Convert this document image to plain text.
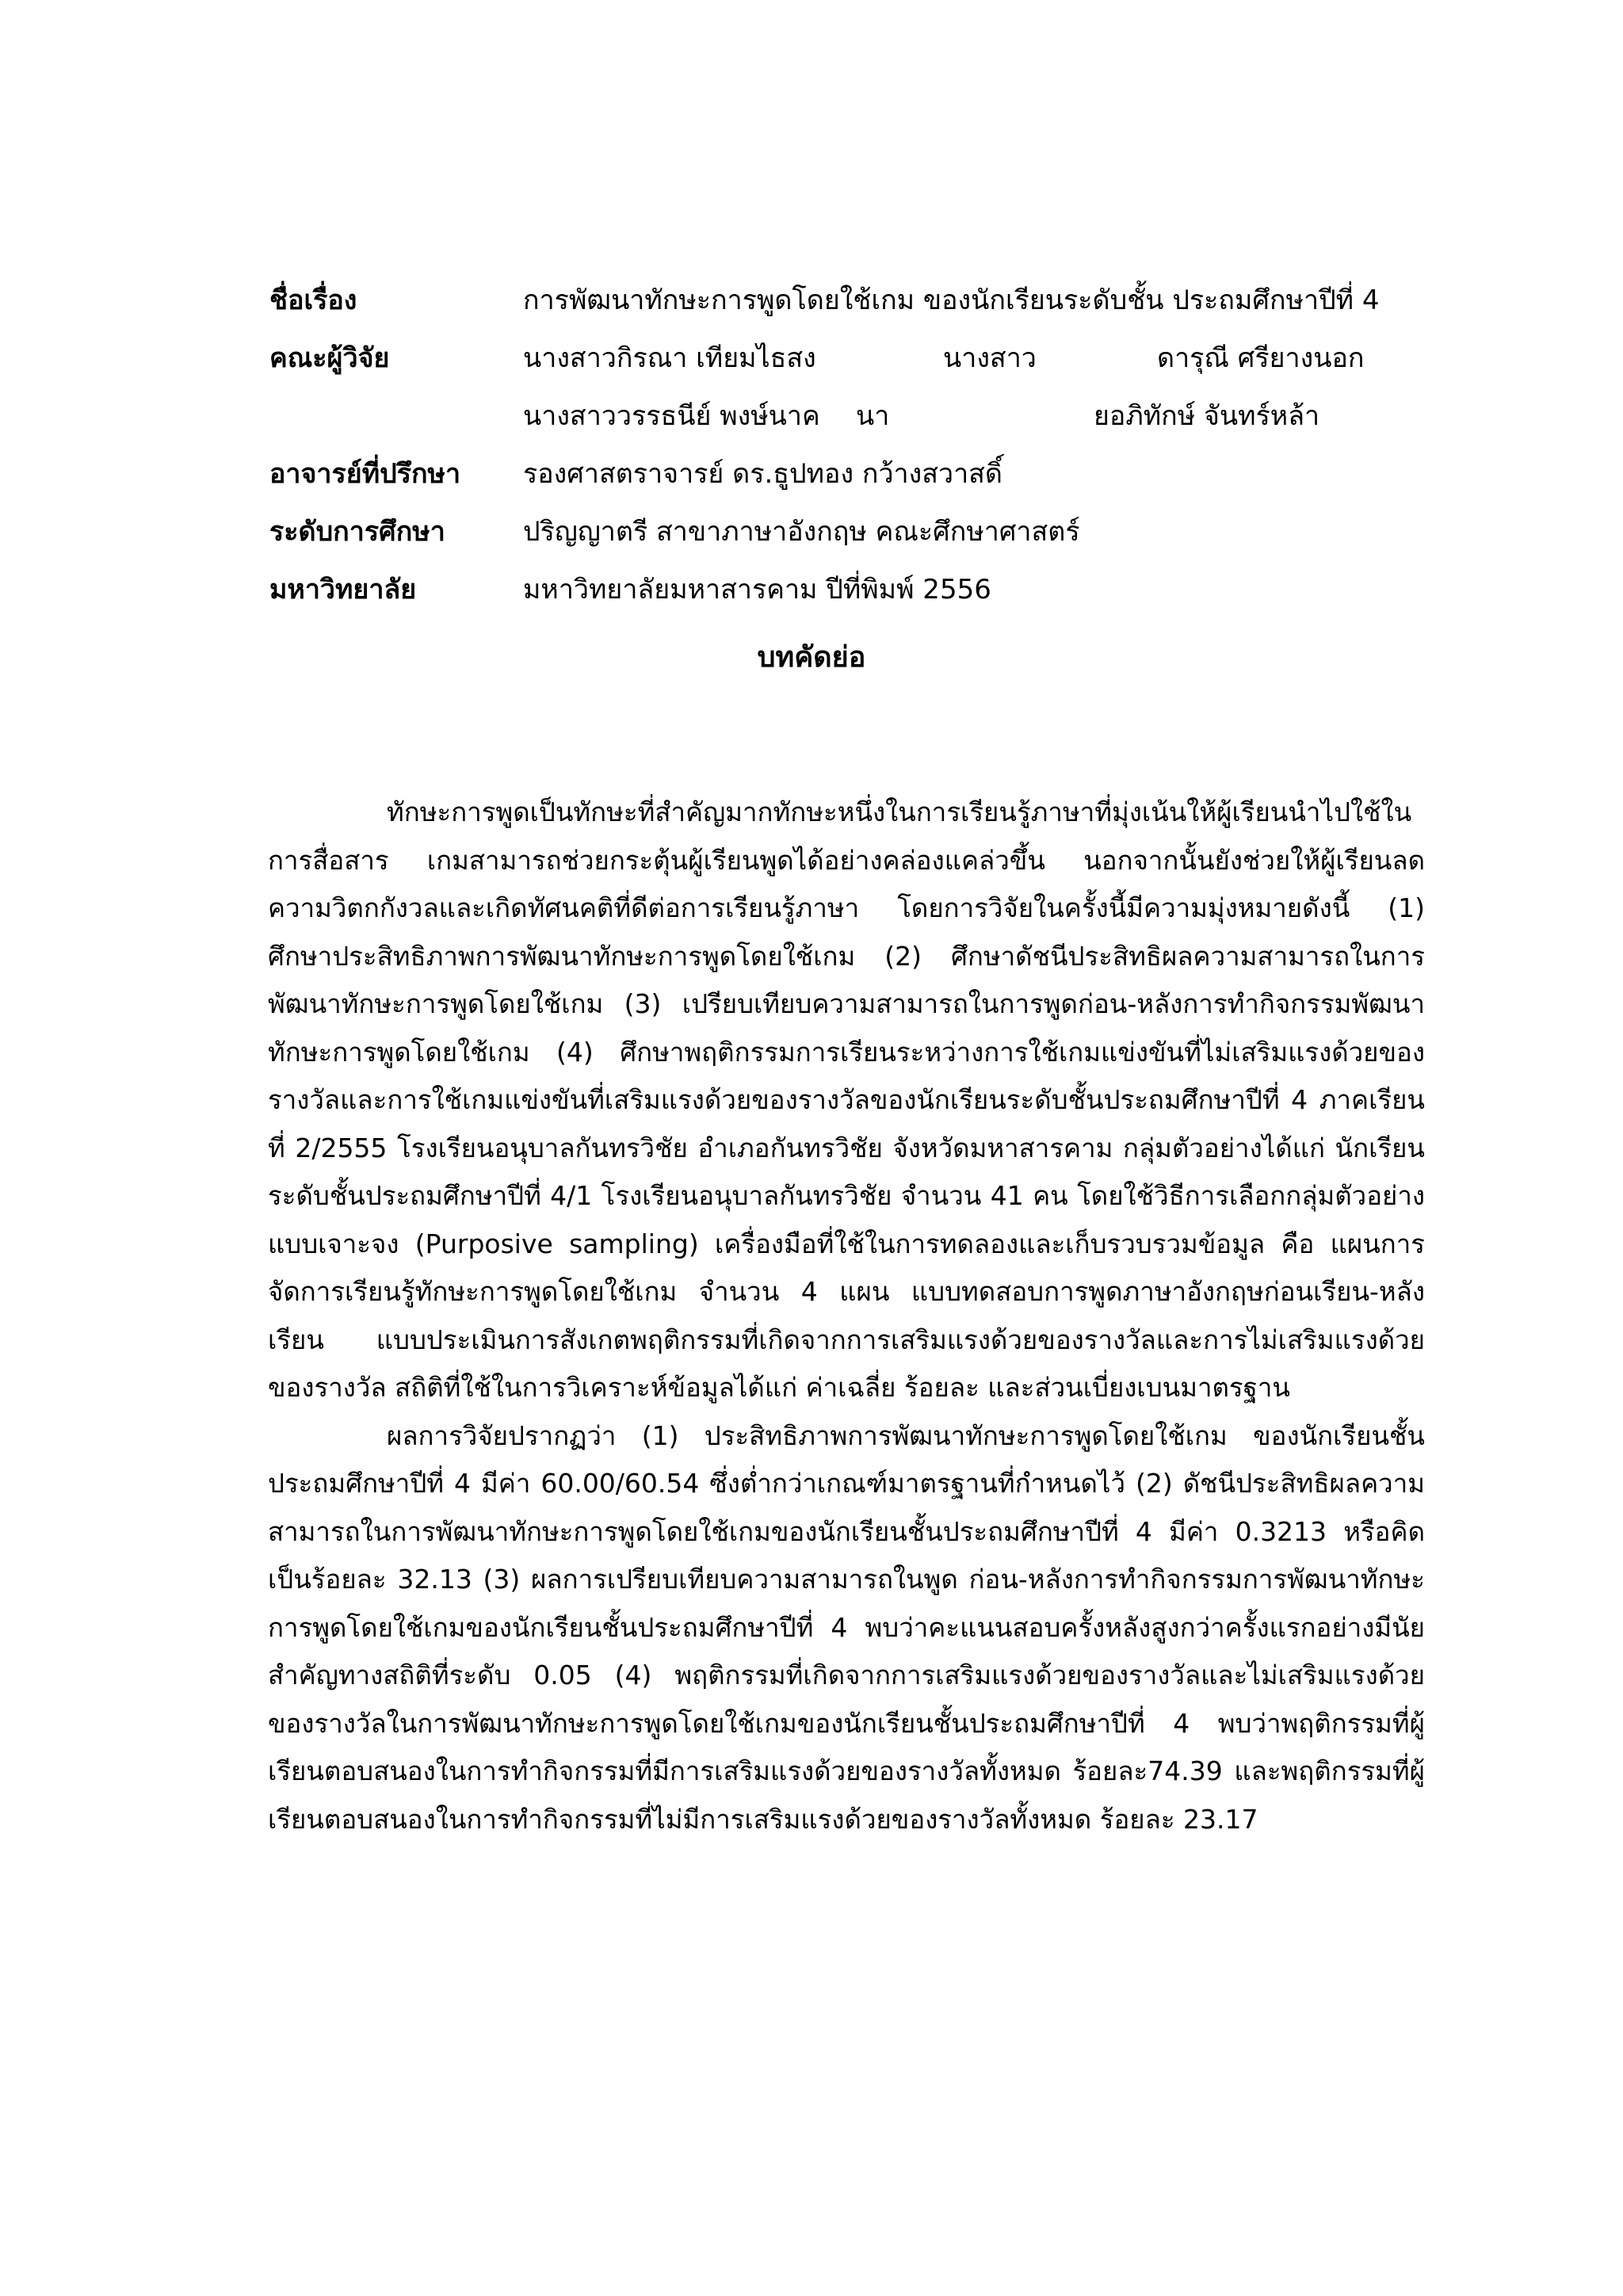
ชื่อเรื่อง	การพัฒนาทักษะการพูดโดยใช้เกม ของนักเรียนระดับชั้น ประถมศึกษาปีที่ 4
คณะผู้วิจัย	นางสาวกิรณา เทียมไธสง	นางสาว	ดารุณี ศรียางนอก
นางสาววรรธนีย์ พงษ์นาค	นา	ยอภิทักษ์ จันทร์หล้า
อาจารย์ที่ปรึกษา	รองศาสตราจารย์ ดร.ธูปทอง กว้างสวาสดิ์
ระดับการศึกษา	ปริญญาตรี สาขาภาษาอังกฤษ คณะศึกษาศาสตร์
มหาวิทยาลัย	มหาวิทยาลัยมหาสารคาม ปีที่พิมพ์ 2556
บทคัดย่อ

ทักษะการพูดเป็นทักษะที่สำคัญมากทักษะหนึ่งในการเรียนรู้ภาษาที่มุ่งเน้นให้ผู้เรียนนำไปใช้ในการสื่อสาร เกมสามารถช่วยกระตุ้นผู้เรียนพูดได้อย่างคล่องแคล่วขึ้น นอกจากนั้นยังช่วยให้ผู้เรียนลดความวิตกกังวลและเกิดทัศนคติที่ดีต่อการเรียนรู้ภาษา โดยการวิจัยในครั้งนี้มีความมุ่งหมายดังนี้ (1) ศึกษาประสิทธิภาพการพัฒนาทักษะการพูดโดยใช้เกม (2) ศึกษาดัชนีประสิทธิผลความสามารถในการพัฒนาทักษะการพูดโดยใช้เกม (3) เปรียบเทียบความสามารถในการพูดก่อน-หลังการทำกิจกรรมพัฒนาทักษะการพูดโดยใช้เกม (4) ศึกษาพฤติกรรมการเรียนระหว่างการใช้เกมแข่งขันที่ไม่เสริมแรงด้วยของรางวัลและการใช้เกมแข่งขันที่เสริมแรงด้วยของรางวัลของนักเรียนระดับชั้นประถมศึกษาปีที่ 4 ภาคเรียนที่ 2/2555 โรงเรียนอนุบาลกันทรวิชัย อำเภอกันทรวิชัย จังหวัดมหาสารคาม กลุ่มตัวอย่างได้แก่ นักเรียนระดับชั้นประถมศึกษาปีที่ 4/1 โรงเรียนอนุบาลกันทรวิชัย จำนวน 41 คน โดยใช้วิธีการเลือกกลุ่มตัวอย่างแบบเจาะจง (Purposive sampling) เครื่องมือที่ใช้ในการทดลองและเก็บรวบรวมข้อมูล คือ แผนการจัดการเรียนรู้ทักษะการพูดโดยใช้เกม จำนวน 4 แผน แบบทดสอบการพูดภาษาอังกฤษก่อนเรียน-หลังเรียน แบบประเมินการสังเกตพฤติกรรมที่เกิดจากการเสริมแรงด้วยของรางวัลและการไม่เสริมแรงด้วยของรางวัล สถิติที่ใช้ในการวิเคราะห์ข้อมูลได้แก่ ค่าเฉลี่ย ร้อยละ และส่วนเบี่ยงเบนมาตรฐาน

ผลการวิจัยปรากฏว่า (1) ประสิทธิภาพการพัฒนาทักษะการพูดโดยใช้เกม ของนักเรียนชั้นประถมศึกษาปีที่ 4 มีค่า 60.00/60.54 ซึ่งต่ำกว่าเกณฑ์มาตรฐานที่กำหนดไว้ (2) ดัชนีประสิทธิผลความสามารถในการพัฒนาทักษะการพูดโดยใช้เกมของนักเรียนชั้นประถมศึกษาปีที่ 4 มีค่า 0.3213 หรือคิดเป็นร้อยละ 32.13 (3) ผลการเปรียบเทียบความสามารถในพูด ก่อน-หลังการทำกิจกรรมการพัฒนาทักษะการพูดโดยใช้เกมของนักเรียนชั้นประถมศึกษาปีที่ 4 พบว่าคะแนนสอบครั้งหลังสูงกว่าครั้งแรกอย่างมีนัยสำคัญทางสถิติที่ระดับ 0.05 (4) พฤติกรรมที่เกิดจากการเสริมแรงด้วยของรางวัลและไม่เสริมแรงด้วยของรางวัลในการพัฒนาทักษะการพูดโดยใช้เกมของนักเรียนชั้นประถมศึกษาปีที่ 4 พบว่าพฤติกรรมที่ผู้เรียนตอบสนองในการทำกิจกรรมที่มีการเสริมแรงด้วยของรางวัลทั้งหมด ร้อยละ74.39 และพฤติกรรมที่ผู้เรียนตอบสนองในการทำกิจกรรมที่ไม่มีการเสริมแรงด้วยของรางวัลทั้งหมด ร้อยละ 23.17
